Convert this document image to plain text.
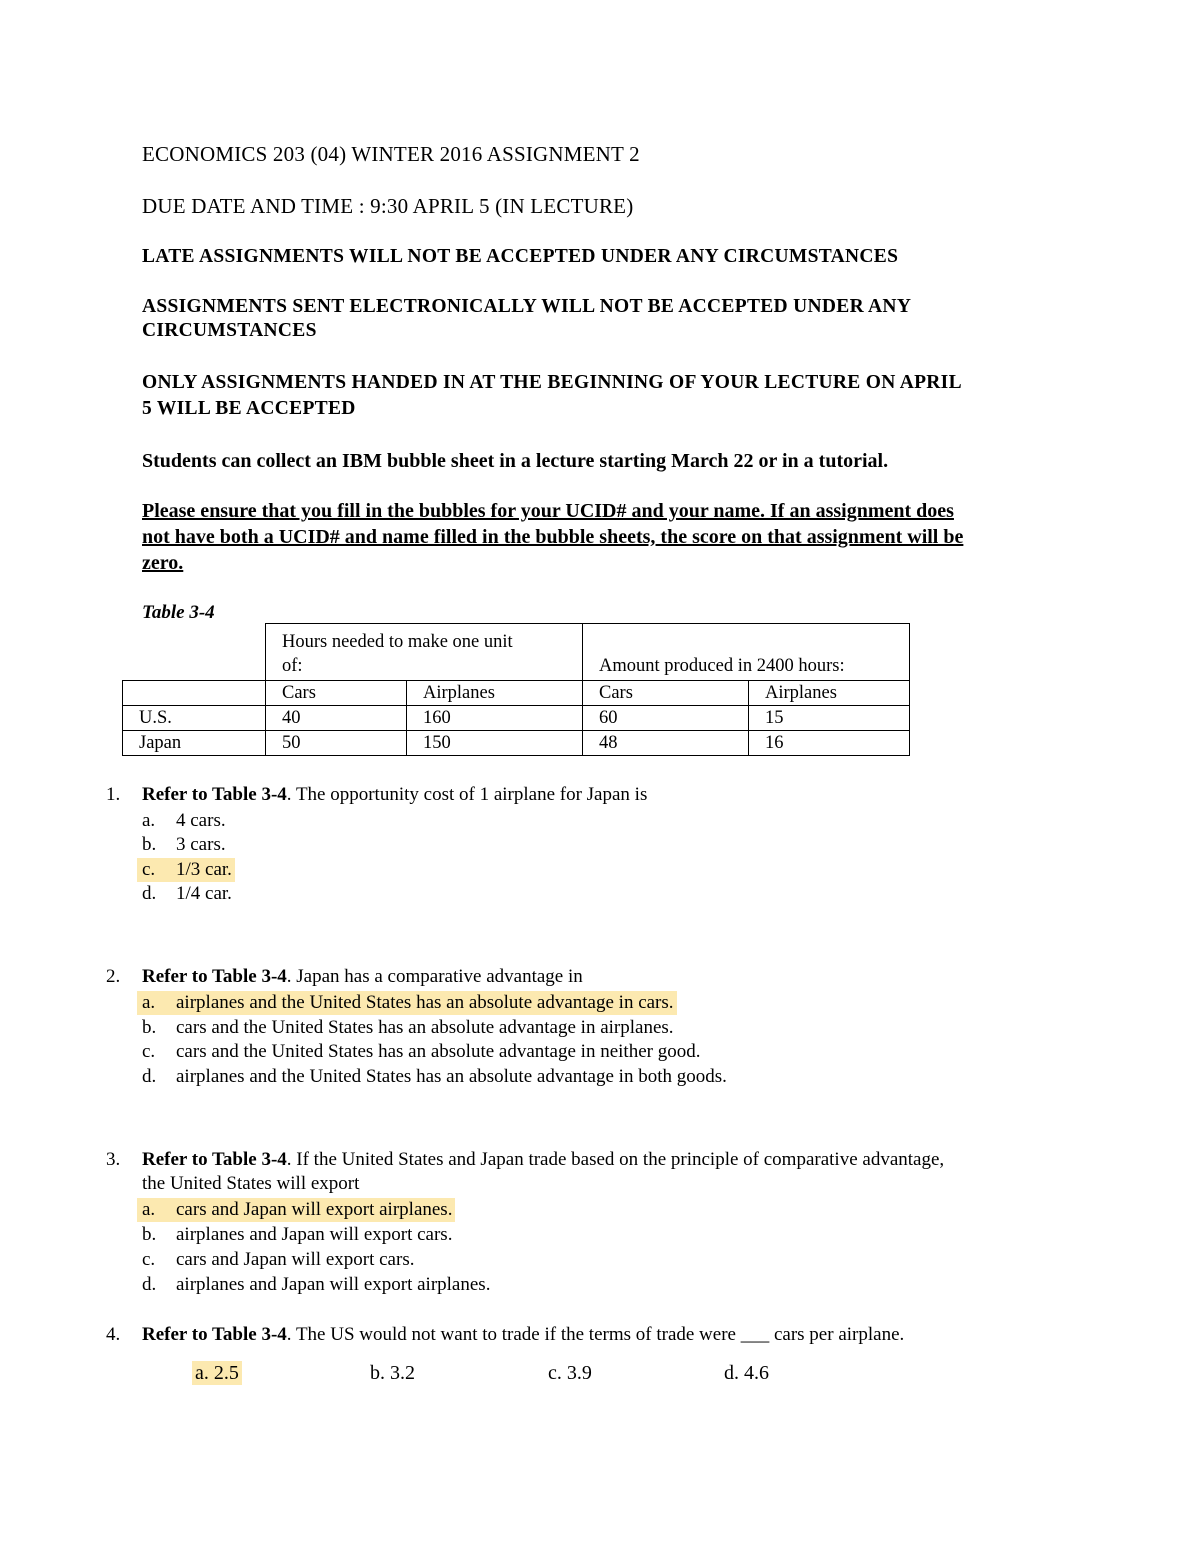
ECONOMICS 203 (04) WINTER 2016 ASSIGNMENT 2
DUE DATE AND TIME : 9:30 APRIL 5 (IN LECTURE)
LATE ASSIGNMENTS WILL NOT BE ACCEPTED UNDER ANY CIRCUMSTANCES
ASSIGNMENTS SENT ELECTRONICALLY WILL NOT BE ACCEPTED UNDER ANY
CIRCUMSTANCES
ONLY ASSIGNMENTS HANDED IN AT THE BEGINNING OF YOUR LECTURE ON APRIL
5 WILL BE ACCEPTED
Students can collect an IBM bubble sheet in a lecture starting March 22 or in a tutorial.
Please ensure that you fill in the bubbles for your UCID# and your name. If an assignment does
not have both a UCID# and name filled in the bubble sheets, the score on that assignment will be
zero.
Table 3-4

	Hours needed to make one unit
of:		Amount produced in 2400 hours:	
	Cars	Airplanes	Cars	Airplanes
U.S.	40	160	60	15
Japan	50	150	48	16
1. Refer to Table 3-4. The opportunity cost of 1 airplane for Japan is
a. 4 cars.
b. 3 cars.
c. 1/3 car.
d. 1/4 car.
2. Refer to Table 3-4. Japan has a comparative advantage in
a. airplanes and the United States has an absolute advantage in cars.
b. cars and the United States has an absolute advantage in airplanes.
c. cars and the United States has an absolute advantage in neither good.
d. airplanes and the United States has an absolute advantage in both goods.
3. Refer to Table 3-4. If the United States and Japan trade based on the principle of comparative advantage,
the United States will export
a. cars and Japan will export airplanes.
b. airplanes and Japan will export cars.
c. cars and Japan will export cars.
d. airplanes and Japan will export airplanes.
4. Refer to Table 3-4. The US would not want to trade if the terms of trade were ___ cars per airplane.
a. 2.5	b. 3.2	c. 3.9	d. 4.6
